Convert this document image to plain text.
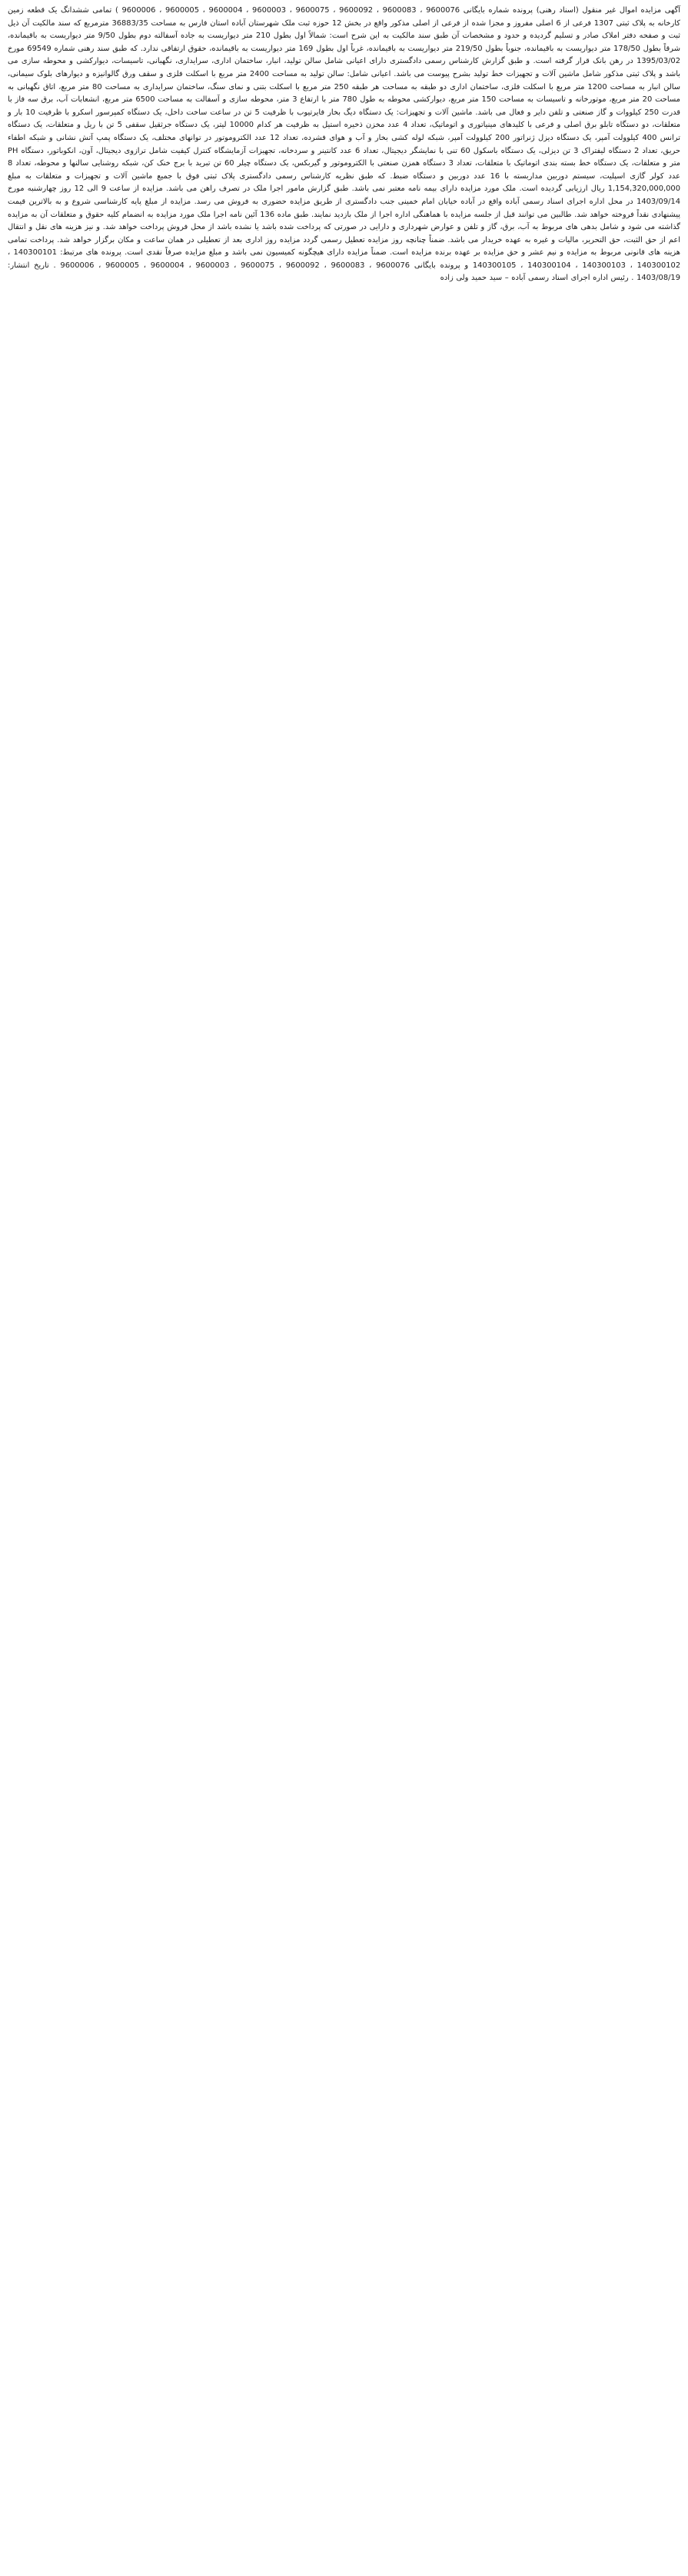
آگهی مزایده اموال غیر منقول (اسناد رهنی) پرونده شماره بایگانی 9600076 ، 9600083 ، 9600092 ، 9600075 ، 9600003 ، 9600004 ، 9600005 ، 9600006 ) تمامی ششدانگ یک قطعه زمین کارخانه به پلاک ثبتی 1307 فرعی از 6 اصلی مفروز و مجزا شده از فرعی از اصلی مذکور واقع در بخش 12 حوزه ثبت ملک شهرستان آباده استان فارس به مساحت 36883/35 مترمربع که سند مالکیت آن ذیل ثبت و صفحه دفتر املاک صادر و تسلیم گردیده و حدود و مشخصات آن طبق سند مالکیت به این شرح است: شمالاً اول بطول 210 متر دیواریست به جاده آسفالته دوم بطول 9/50 متر دیواریست به باقیمانده، شرقاً بطول 178/50 متر دیواریست به باقیمانده، جنوباً بطول 219/50 متر دیواریست به باقیمانده، غرباً اول بطول 169 متر دیواریست به باقیمانده، حقوق ارتفاقی ندارد. که طبق سند رهنی شماره 69549 مورخ 1395/03/02 در رهن بانک قرار گرفته است. و طبق گزارش کارشناس رسمی دادگستری دارای اعیانی شامل سالن تولید، انبار، ساختمان اداری، سرایداری، نگهبانی، تاسیسات، دیوارکشی و محوطه سازی می باشد و پلاک ثبتی مذکور شامل ماشین آلات و تجهیزات خط تولید بشرح پیوست می باشد. اعیانی شامل: سالن تولید به مساحت 2400 متر مربع با اسکلت فلزی و سقف ورق گالوانیزه و دیوارهای بلوک سیمانی، سالن انبار به مساحت 1200 متر مربع با اسکلت فلزی، ساختمان اداری دو طبقه به مساحت هر طبقه 250 متر مربع با اسکلت بتنی و نمای سنگ، ساختمان سرایداری به مساحت 80 متر مربع، اتاق نگهبانی به مساحت 20 متر مربع، موتورخانه و تاسیسات به مساحت 150 متر مربع، دیوارکشی محوطه به طول 780 متر با ارتفاع 3 متر، محوطه سازی و آسفالت به مساحت 6500 متر مربع، انشعابات آب، برق سه فاز با قدرت 250 کیلووات و گاز صنعتی و تلفن دایر و فعال می باشد. ماشین آلات و تجهیزات: یک دستگاه دیگ بخار فایرتیوب با ظرفیت 5 تن در ساعت ساخت داخل، یک دستگاه کمپرسور اسکرو با ظرفیت 10 بار و متعلقات، دو دستگاه تابلو برق اصلی و فرعی با کلیدهای مینیاتوری و اتوماتیک، تعداد 4 عدد مخزن ذخیره استیل به ظرفیت هر کدام 10000 لیتر، یک دستگاه جرثقیل سقفی 5 تن با ریل و متعلقات، یک دستگاه ترانس 400 کیلوولت آمپر، یک دستگاه دیزل ژنراتور 200 کیلوولت آمپر، شبکه لوله کشی بخار و آب و هوای فشرده، تعداد 12 عدد الکتروموتور در توانهای مختلف، یک دستگاه پمپ آتش نشانی و شبکه اطفاء حریق، تعداد 2 دستگاه لیفتراک 3 تن دیزلی، یک دستگاه باسکول 60 تنی با نمایشگر دیجیتال، تعداد 6 عدد کانتینر و سردخانه، تجهیزات آزمایشگاه کنترل کیفیت شامل ترازوی دیجیتال، آون، انکوباتور، دستگاه PH متر و متعلقات، یک دستگاه خط بسته بندی اتوماتیک با متعلقات، تعداد 3 دستگاه همزن صنعتی با الکتروموتور و گیربکس، یک دستگاه چیلر 60 تن تبرید با برج خنک کن، شبکه روشنایی سالنها و محوطه، تعداد 8 عدد کولر گازی اسپلیت، سیستم دوربین مداربسته با 16 عدد دوربین و دستگاه ضبط. که طبق نظریه کارشناس رسمی دادگستری پلاک ثبتی فوق با جمیع ماشین آلات و تجهیزات و متعلقات به مبلغ 1,154,320,000,000 ریال ارزیابی گردیده است. ملک مورد مزایده دارای بیمه نامه معتبر نمی باشد. طبق گزارش مامور اجرا ملک در تصرف راهن می باشد. مزایده از ساعت 9 الی 12 روز چهارشنبه مورخ 1403/09/14 در محل اداره اجرای اسناد رسمی آباده واقع در آباده خیابان امام خمینی جنب دادگستری از طریق مزایده حضوری به فروش می رسد. مزایده از مبلغ پایه کارشناسی شروع و به بالاترین قیمت پیشنهادی نقداً فروخته خواهد شد. طالبین می توانند قبل از جلسه مزایده با هماهنگی اداره اجرا از ملک بازدید نمایند. طبق ماده 136 آئین نامه اجرا ملک مورد مزایده به انضمام کلیه حقوق و متعلقات آن به مزایده گذاشته می شود و شامل بدهی های مربوط به آب، برق، گاز و تلفن و عوارض شهرداری و دارایی در صورتی که پرداخت شده باشد یا نشده باشد از محل فروش پرداخت خواهد شد. و نیز هزینه های نقل و انتقال اعم از حق الثبت، حق التحریر، مالیات و غیره به عهده خریدار می باشد. ضمناً چنانچه روز مزایده تعطیل رسمی گردد مزایده روز اداری بعد از تعطیلی در همان ساعت و مکان برگزار خواهد شد. پرداخت تمامی هزینه های قانونی مربوط به مزایده و نیم عشر و حق مزایده بر عهده برنده مزایده است. ضمناً مزایده دارای هیچگونه کمیسیون نمی باشد و مبلغ مزایده صرفاً نقدی است. پرونده های مرتبط: 140300101 ، 140300102 ، 140300103 ، 140300104 ، 140300105 و پرونده بایگانی 9600076 ، 9600083 ، 9600092 ، 9600075 ، 9600003 ، 9600004 ، 9600005 ، 9600006 . تاریخ انتشار: 1403/08/19 . رئیس اداره اجرای اسناد رسمی آباده – سید حمید ولی زاده
